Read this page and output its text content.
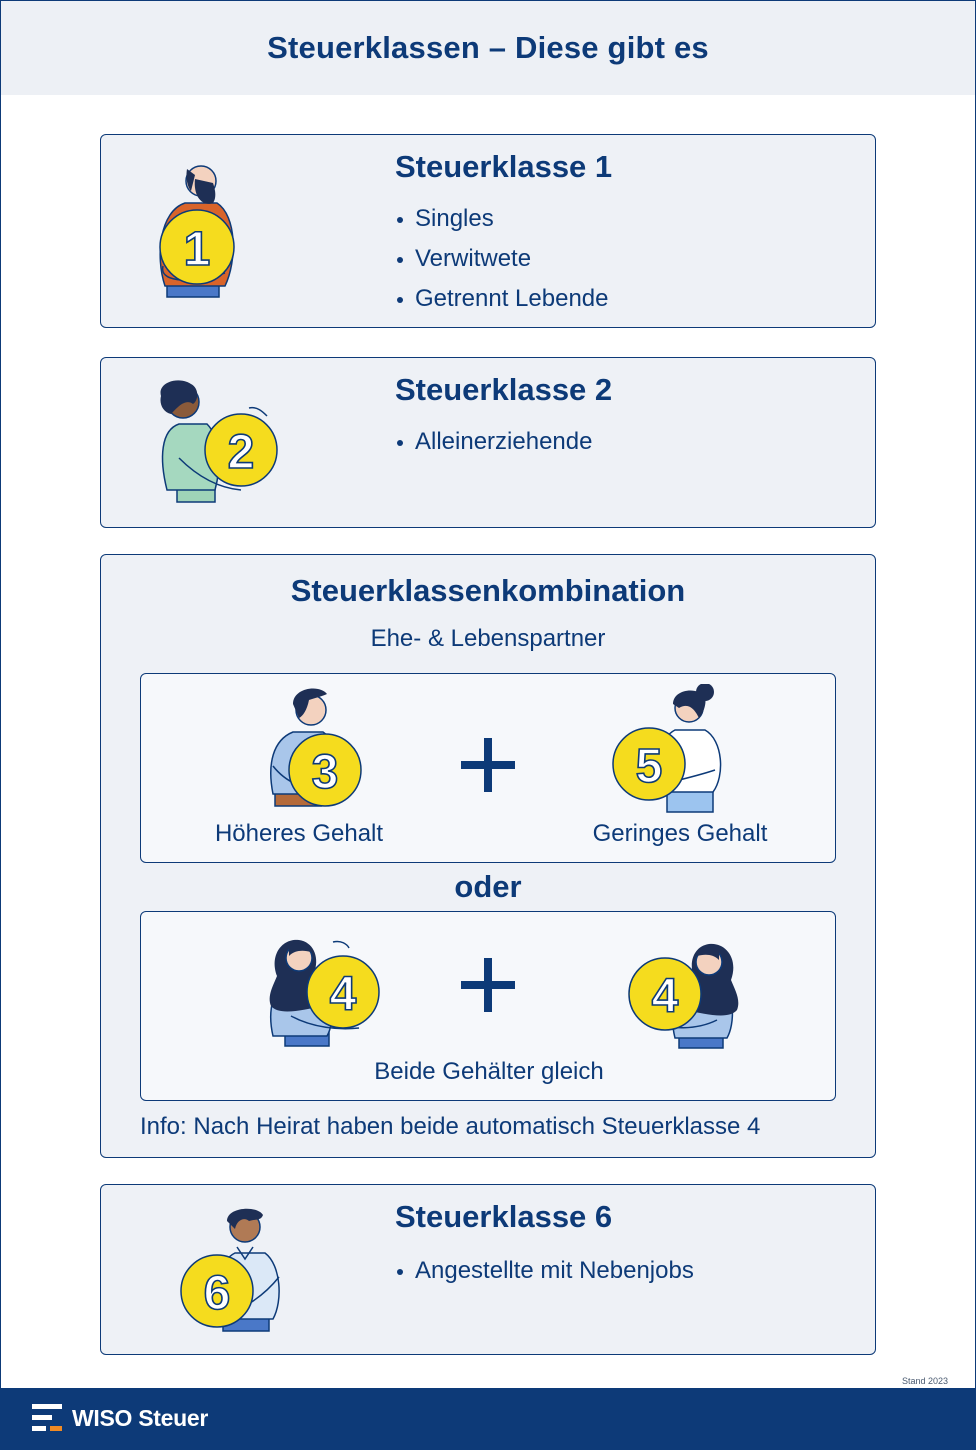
Steuerklassen – Diese gibt es
1
Steuerklasse 1
Singles
Verwitwete
Getrennt Lebende
2
Steuerklasse 2
Alleinerziehende
Steuerklassenkombination
Ehe- & Lebenspartner
3	5
Höheres Gehalt	Geringes Gehalt
oder
4	4
Beide Gehälter gleich
Info: Nach Heirat haben beide automatisch Steuerklasse 4
6
Steuerklasse 6
Angestellte mit Nebenjobs
Stand 2023
WISO Steuer
